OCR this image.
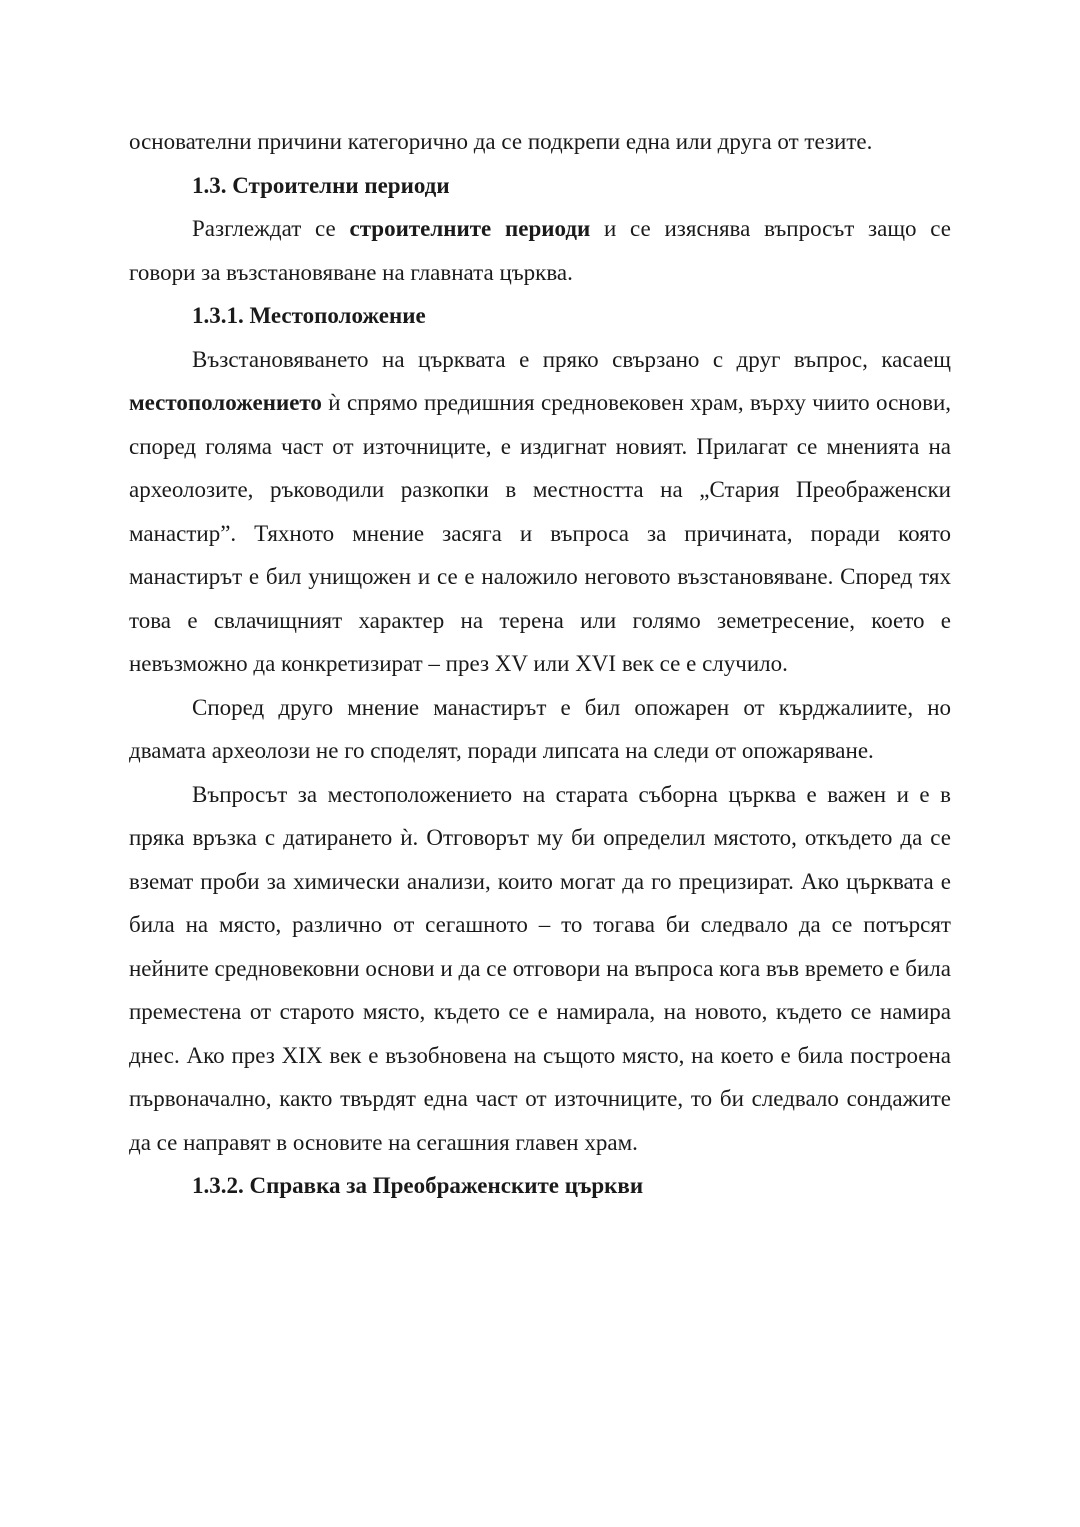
основателни причини категорично да се подкрепи една или друга от тезите.

1.3. Строителни периоди

Разглеждат се строителните периоди и се изяснява въпросът защо се говори за възстановяване на главната църква.

1.3.1. Местоположение

Възстановяването на църквата е пряко свързано с друг въпрос, касаещ местоположението ѝ спрямо предишния средновековен храм, върху чиито основи, според голяма част от източниците, е издигнат новият. Прилагат се мненията на археолозите, ръководили разкопки в местността на „Стария Преображенски манастир”. Тяхното мнение засяга и въпроса за причината, поради която манастирът е бил унищожен и се е наложило неговото възстановяване. Според тях това е свлачищният характер на терена или голямо земетресение, което е невъзможно да конкретизират – през XV или XVI век се е случило.

Според друго мнение манастирът е бил опожарен от кърджалиите, но двамата археолози не го споделят, поради липсата на следи от опожаряване.

Въпросът за местоположението на старата съборна църква е важен и е в пряка връзка с датирането ѝ. Отговорът му би определил мястото, откъдето да се вземат проби за химически анализи, които могат да го прецизират. Ако църквата е била на място, различно от сегашното – то тогава би следвало да се потърсят нейните средновековни основи и да се отговори на въпроса кога във времето е била преместена от старото място, където се е намирала, на новото, където се намира днес. Ако през XIX век е възобновена на същото място, на което е била построена първоначално, както твърдят една част от източниците, то би следвало сондажите да се направят в основите на сегашния главен храм.

1.3.2. Справка за Преображенските църкви
